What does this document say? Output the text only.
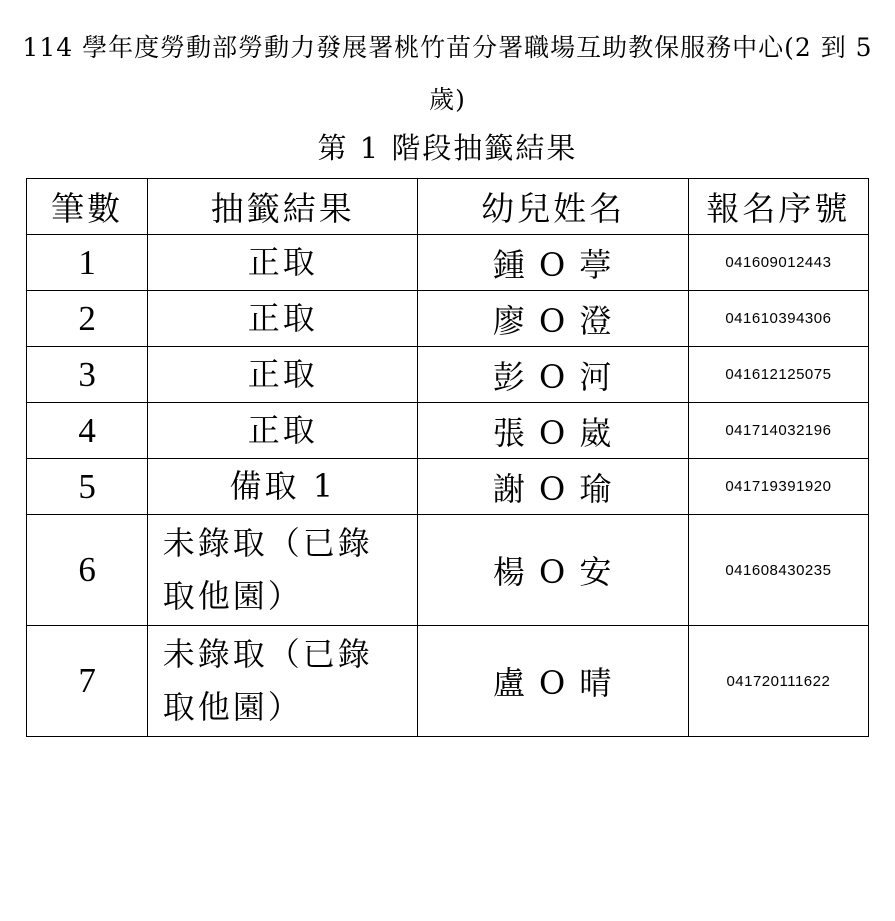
114 學年度勞動部勞動力發展署桃竹苗分署職場互助教保服務中心(2 到 5 歲)
第 1 階段抽籤結果
筆數	抽籤結果	幼兒姓名	報名序號
1	正取	鍾 O 葶	041609012443
2	正取	廖 O 澄	041610394306
3	正取	彭 O 河	041612125075
4	正取	張 O 崴	041714032196
5	備取 1	謝 O 瑜	041719391920
6	未錄取（已錄取他園）	楊 O 安	041608430235
7	未錄取（已錄取他園）	盧 O 晴	041720111622
